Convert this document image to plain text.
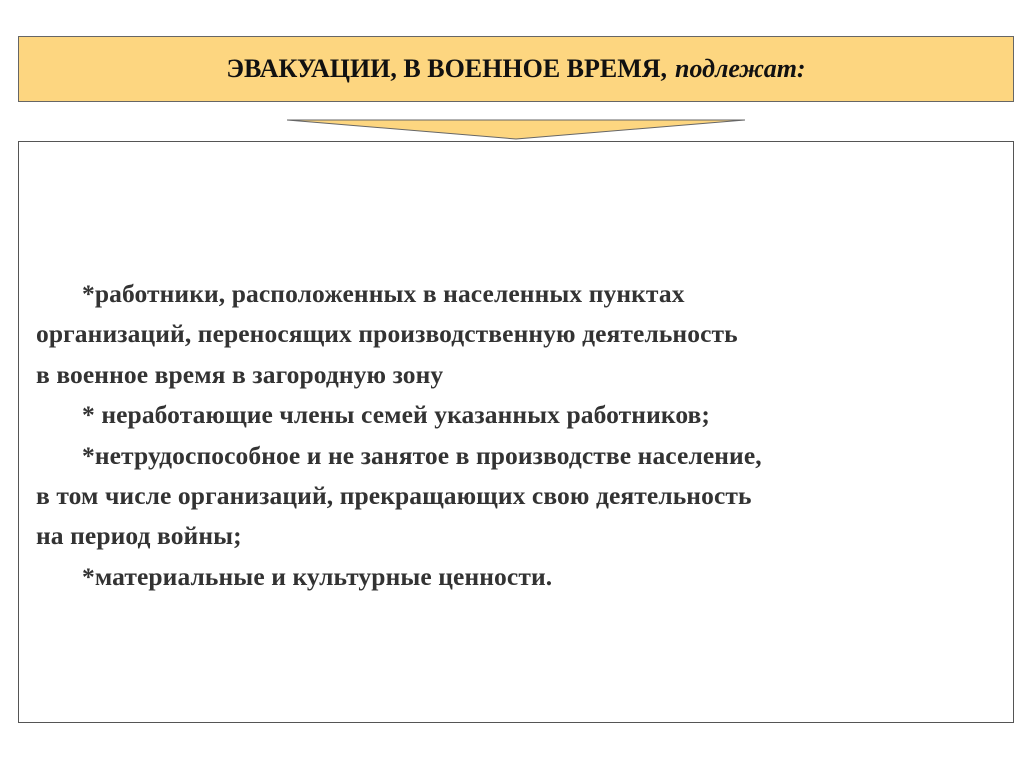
ЭВАКУАЦИИ, В ВОЕННОЕ ВРЕМЯ, подлежат:
*работники, расположенных в населенных пунктах
организаций, переносящих производственную деятельность
в военное время в загородную зону
* неработающие члены семей указанных работников;
*нетрудоспособное и не занятое в производстве население,
в том числе организаций, прекращающих свою деятельность
на период войны;
*материальные и культурные ценности.
